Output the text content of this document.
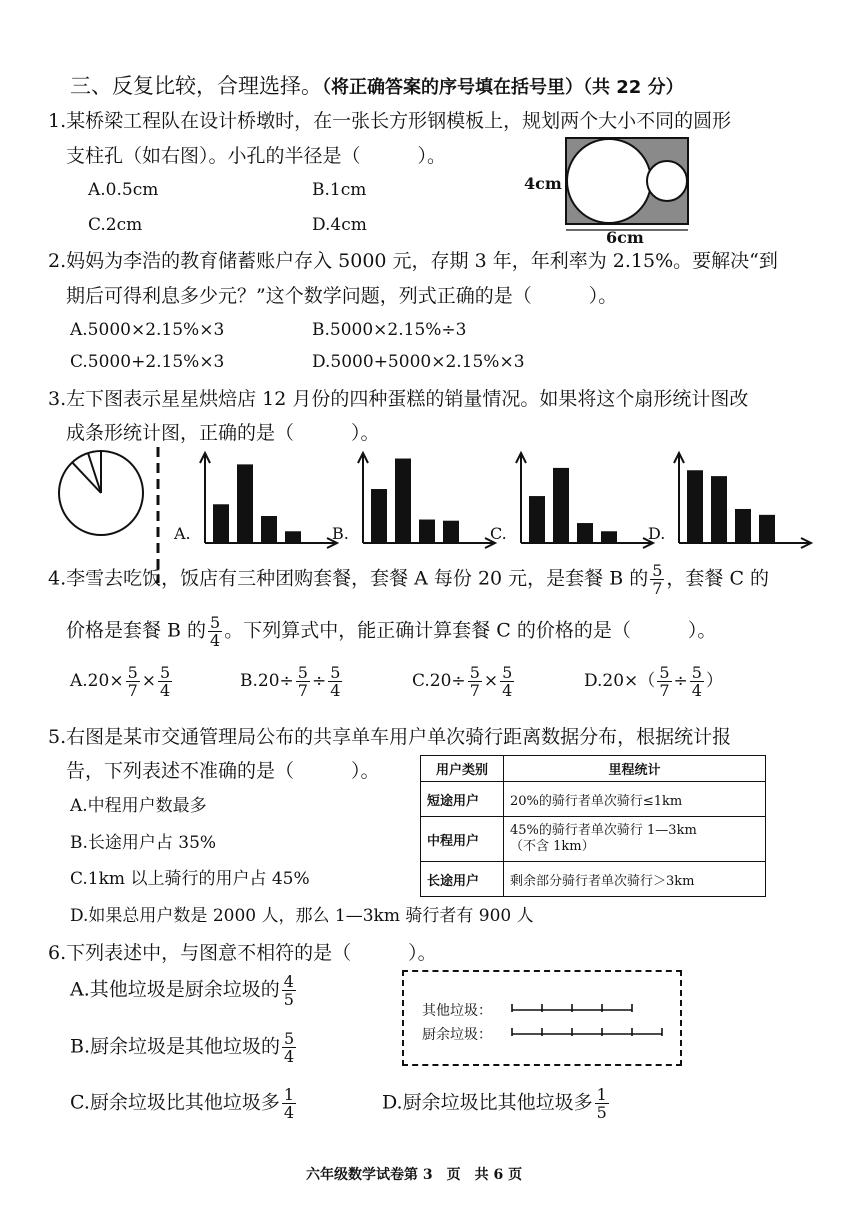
三、反复比较，合理选择。（将正确答案的序号填在括号里）（共 22 分）
1.某桥梁工程队在设计桥墩时，在一张长方形钢模板上，规划两个大小不同的圆形
支柱孔（如右图）。小孔的半径是（　　　）。
A.0.5cm	B.1cm
C.2cm	D.4cm
4cm
6cm
2.妈妈为李浩的教育储蓄账户存入 5000 元，存期 3 年，年利率为 2.15%。要解决“到
期后可得利息多少元？”这个数学问题，列式正确的是（　　　）。
A.5000×2.15%×3	B.5000×2.15%÷3
C.5000+2.15%×3	D.5000+5000×2.15%×3
3.左下图表示星星烘焙店 12 月份的四种蛋糕的销量情况。如果将这个扇形统计图改
成条形统计图，正确的是（　　　）。
A.	B.	C.	D.
4.李雪去吃饭，饭店有三种团购套餐，套餐 A 每份 20 元，是套餐 B 的 $\frac{5}{7}$ ，套餐 C 的
价格是套餐 B 的 $\frac{5}{4}$ 。下列算式中，能正确计算套餐 C 的价格的是（　　　）。
$A.20\times \frac{5}{7} \times \frac{5}{4}$	$B.20\div \frac{5}{7} \div \frac{5}{4}$	$C.20\div \frac{5}{7} \times \frac{5}{4}$	$D.20\times( \frac{5}{7} \div \frac{5}{4}$ ）
5.右图是某市交通管理局公布的共享单车用户单次骑行距离数据分布，根据统计报
告，下列表述不准确的是（　　　）。
A.中程用户数最多
B.长途用户占 35%
C.1km 以上骑行的用户占 45%
D.如果总用户数是 2000 人，那么 1—3km 骑行者有 900 人
用户类别	里程统计
短途用户	20%的骑行者单次骑行≤1km
中程用户	45%的骑行者单次骑行 1—3km
（不含 1km）

长途用户	剩余部分骑行者单次骑行＞3km
6.下列表述中，与图意不相符的是（　　　）。
A.其他垃圾是厨余垃圾的 $\frac{4}{5}$
B.厨余垃圾是其他垃圾的 $\frac{5}{4}$
C.厨余垃圾比其他垃圾多 $\frac{1}{4}$	D.厨余垃圾比其他垃圾多 $\frac{1}{5}$
其他垃圾：
厨余垃圾：
六年级数学试卷第 3　页　共 6 页
